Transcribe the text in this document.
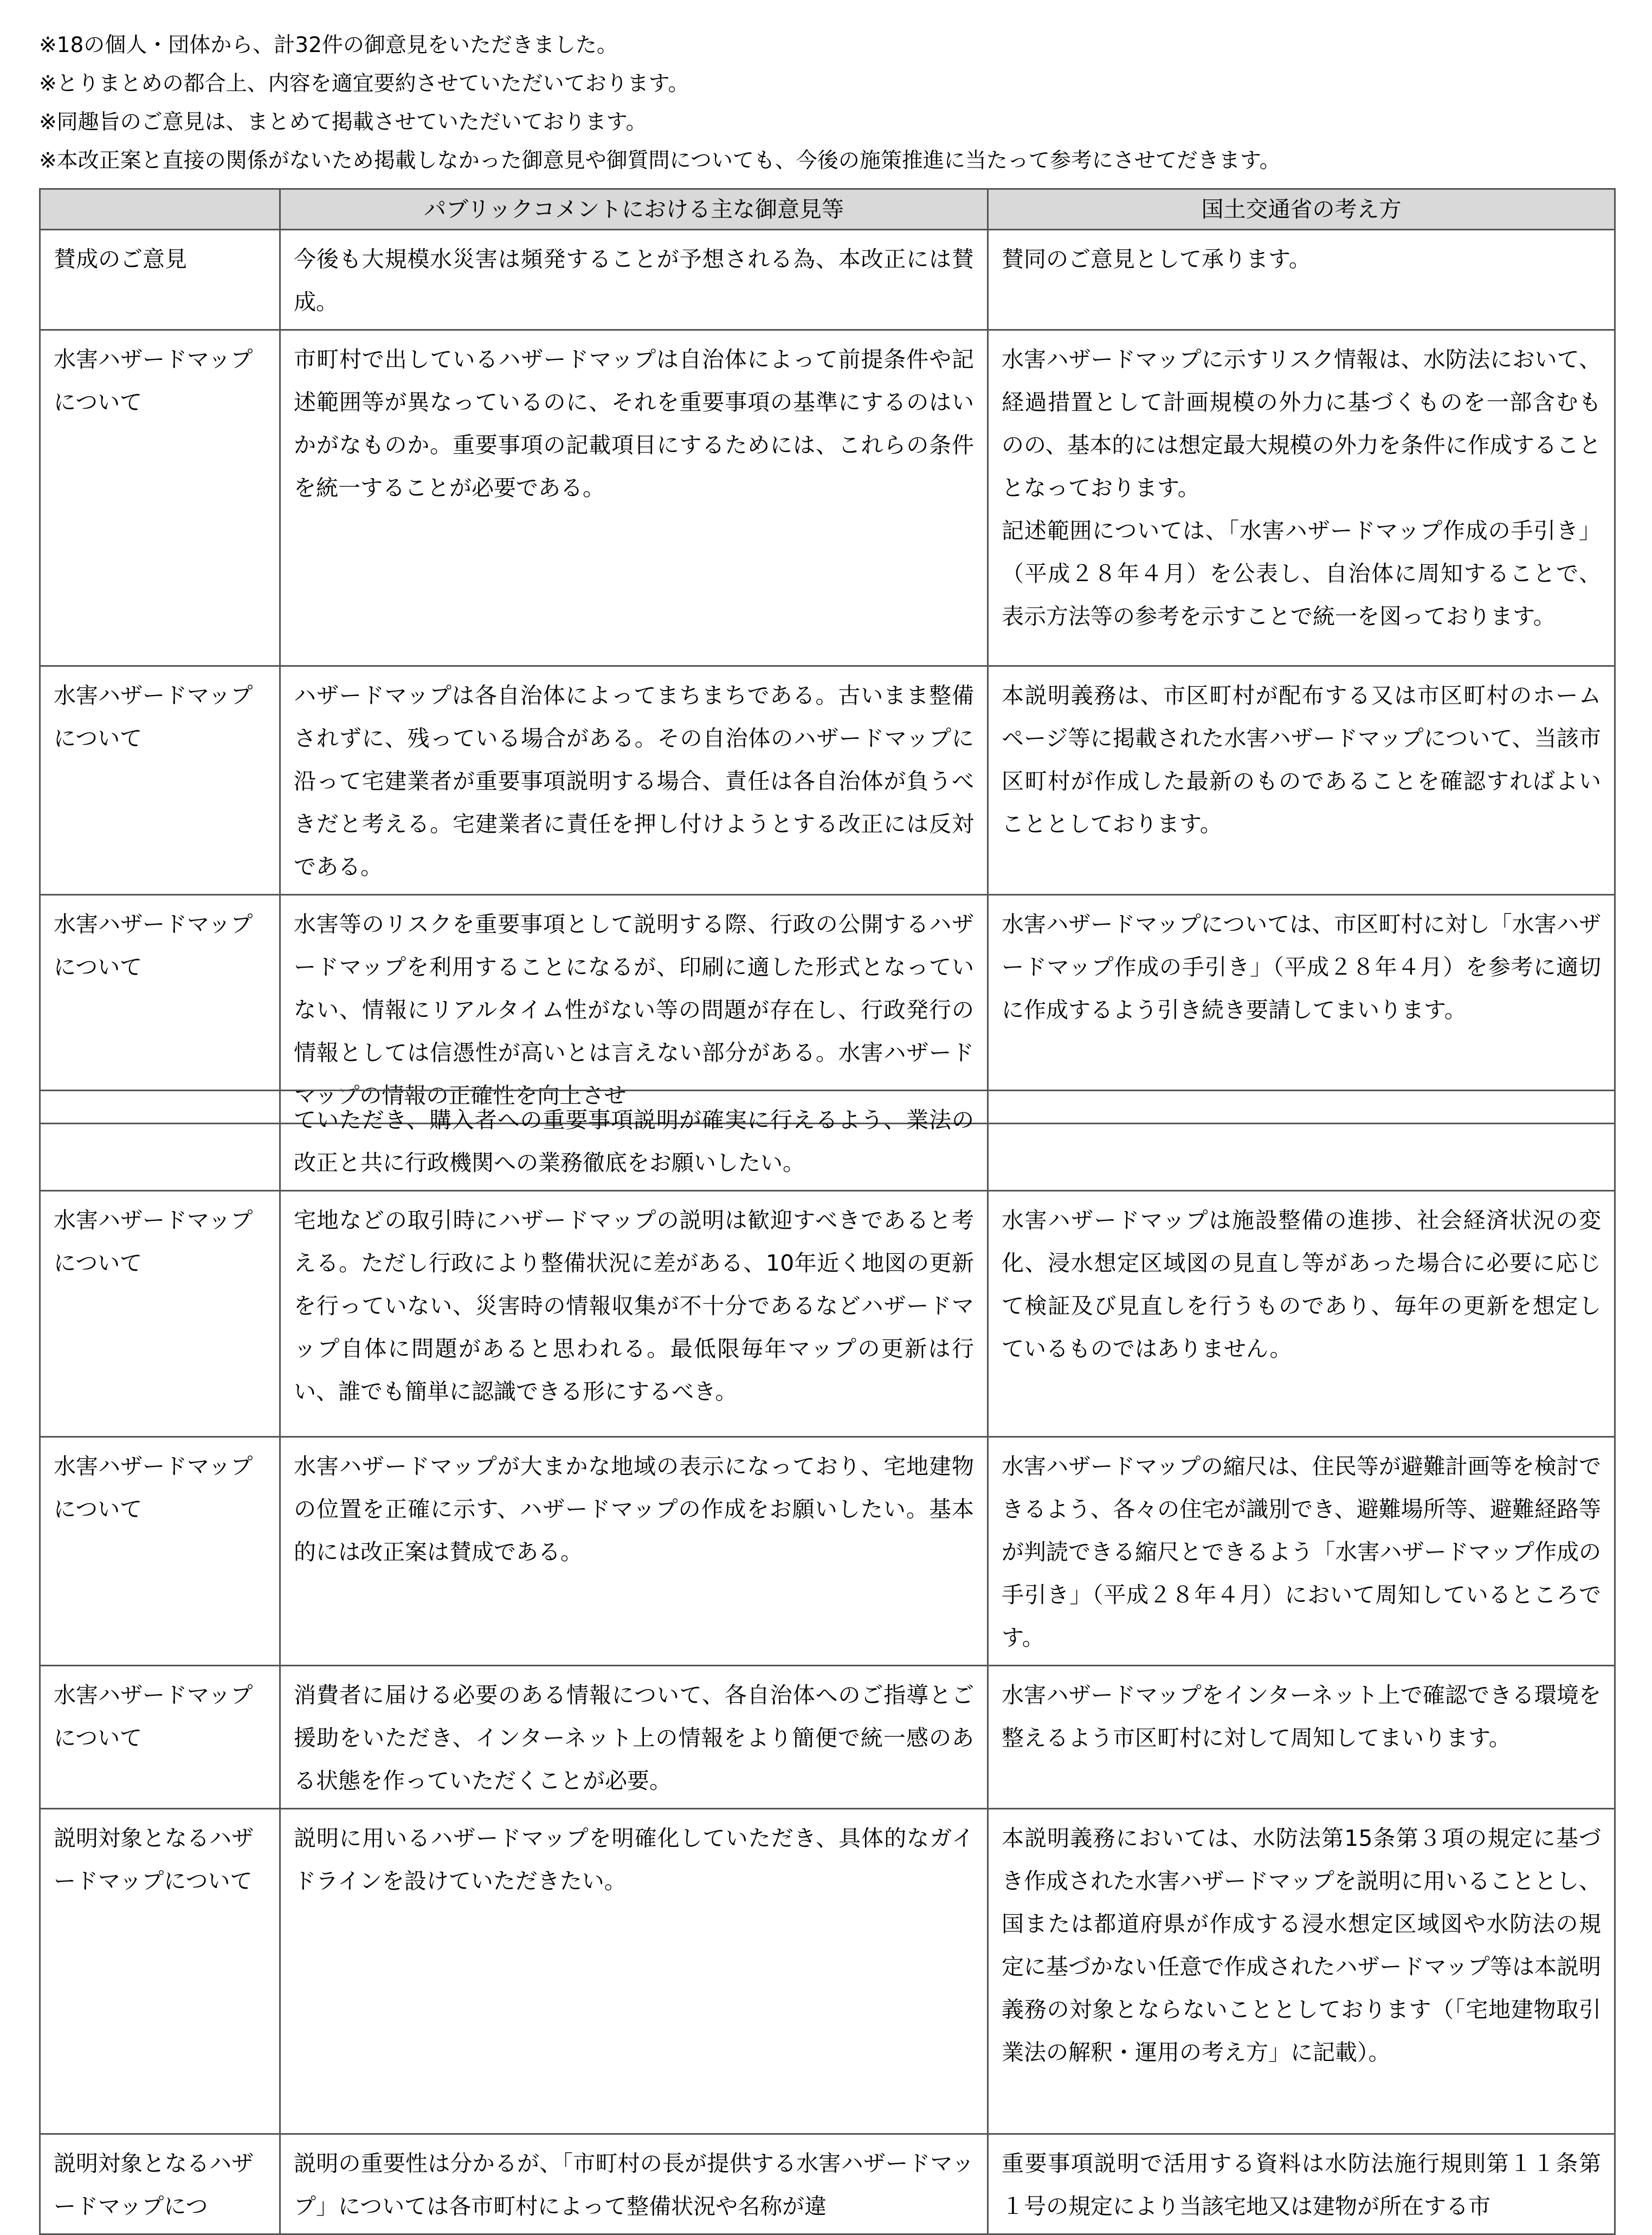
※18の個人・団体から、計32件の御意見をいただきました。
※とりまとめの都合上、内容を適宜要約させていただいております。
※同趣旨のご意見は、まとめて掲載させていただいております。
※本改正案と直接の関係がないため掲載しなかった御意見や御質問についても、今後の施策推進に当たって参考にさせてだきます。
	パブリックコメントにおける主な御意見等	国土交通省の考え方
賛成のご意見	今後も大規模水災害は頻発することが予想される為、本改正には賛成。	賛同のご意見として承ります。

水害ハザードマップについて	市町村で出しているハザードマップは自治体によって前提条件や記述範囲等が異なっているのに、それを重要事項の基準にするのはいかがなものか。重要事項の記載項目にするためには、これらの条件を統一することが必要である。	水害ハザードマップに示すリスク情報は、水防法において、経過措置として計画規模の外力に基づくものを一部含むものの、基本的には想定最大規模の外力を条件に作成することとなっております。
記述範囲については、「水害ハザードマップ作成の手引き」（平成２８年４月）を公表し、自治体に周知することで、表示方法等の参考を示すことで統一を図っております。

水害ハザードマップについて	ハザードマップは各自治体によってまちまちである。古いまま整備されずに、残っている場合がある。その自治体のハザードマップに沿って宅建業者が重要事項説明する場合、責任は各自治体が負うべきだと考える。宅建業者に責任を押し付けようとする改正には反対である。	本説明義務は、市区町村が配布する又は市区町村のホームページ等に掲載された水害ハザードマップについて、当該市区町村が作成した最新のものであることを確認すればよいこととしております。

水害ハザードマップについて	水害等のリスクを重要事項として説明する際、行政の公開するハザードマップを利用することになるが、印刷に適した形式となっていない、情報にリアルタイム性がない等の問題が存在し、行政発行の情報としては信憑性が高いとは言えない部分がある。水害ハザードマップの情報の正確性を向上させ	水害ハザードマップについては、市区町村に対し「水害ハザードマップ作成の手引き」（平成２８年４月）を参考に適切に作成するよう引き続き要請してまいります。
	ていただき、購入者への重要事項説明が確実に行えるよう、業法の改正と共に行政機関への業務徹底をお願いしたい。	

水害ハザードマップについて	宅地などの取引時にハザードマップの説明は歓迎すべきであると考える。ただし行政により整備状況に差がある、10年近く地図の更新を行っていない、災害時の情報収集が不十分であるなどハザードマップ自体に問題があると思われる。最低限毎年マップの更新は行い、誰でも簡単に認識できる形にするべき。	水害ハザードマップは施設整備の進捗、社会経済状況の変化、浸水想定区域図の見直し等があった場合に必要に応じて検証及び見直しを行うものであり、毎年の更新を想定しているものではありません。

水害ハザードマップについて	水害ハザードマップが大まかな地域の表示になっており、宅地建物の位置を正確に示す、ハザードマップの作成をお願いしたい。基本的には改正案は賛成である。	水害ハザードマップの縮尺は、住民等が避難計画等を検討できるよう、各々の住宅が識別でき、避難場所等、避難経路等が判読できる縮尺とできるよう「水害ハザードマップ作成の手引き」（平成２８年４月）において周知しているところです。

水害ハザードマップについて	消費者に届ける必要のある情報について、各自治体へのご指導とご援助をいただき、インターネット上の情報をより簡便で統一感のある状態を作っていただくことが必要。	水害ハザードマップをインターネット上で確認できる環境を整えるよう市区町村に対して周知してまいります。

説明対象となるハザードマップについて	説明に用いるハザードマップを明確化していただき、具体的なガイドラインを設けていただきたい。	本説明義務においては、水防法第15条第３項の規定に基づき作成された水害ハザードマップを説明に用いることとし、国または都道府県が作成する浸水想定区域図や水防法の規定に基づかない任意で作成されたハザードマップ等は本説明義務の対象とならないこととしております（「宅地建物取引業法の解釈・運用の考え方」に記載）。

説明対象となるハザードマップにつ	説明の重要性は分かるが、「市町村の長が提供する水害ハザードマップ」については各市町村によって整備状況や名称が違	重要事項説明で活用する資料は水防法施行規則第１１条第１号の規定により当該宅地又は建物が所在する市
